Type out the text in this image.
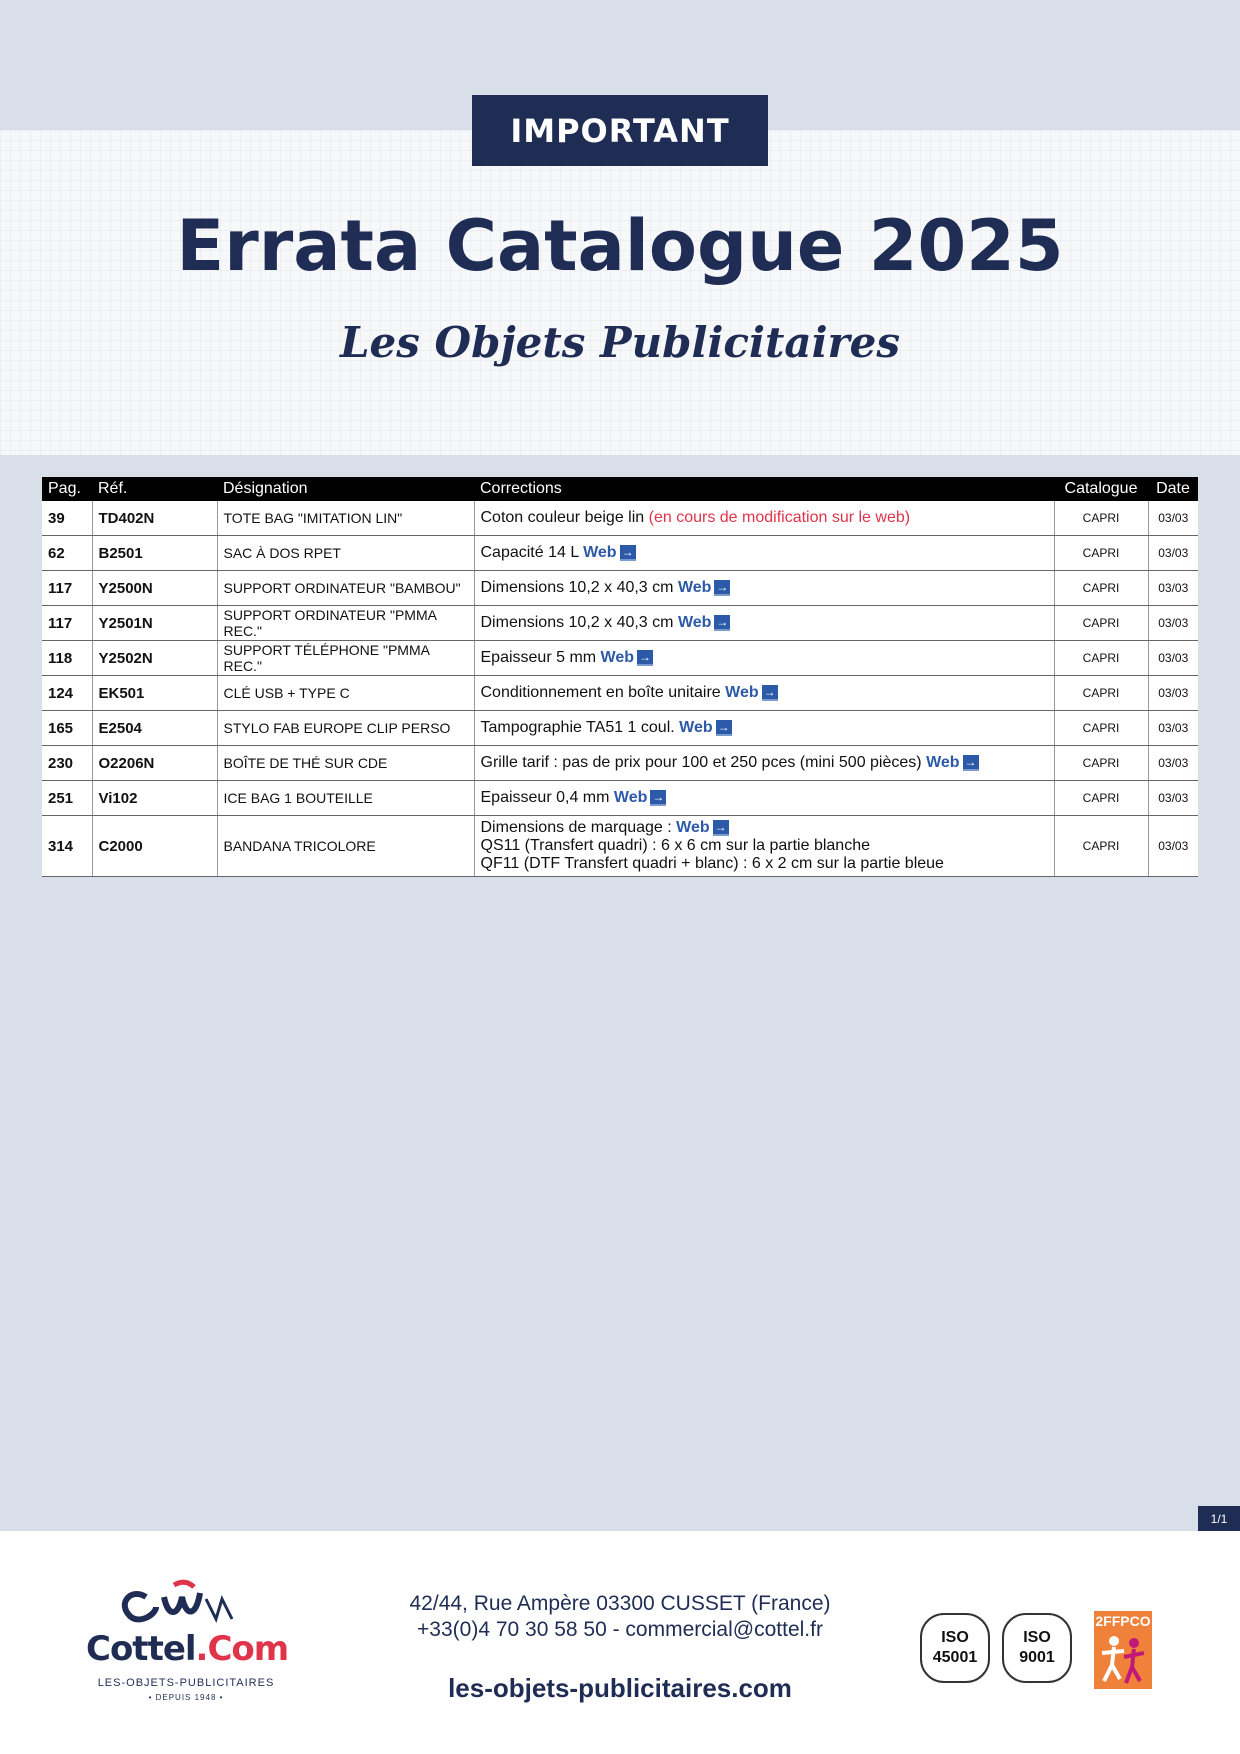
IMPORTANT
Errata Catalogue 2025
Les Objets Publicitaires
Pag.	Réf.	Désignation	Corrections	Catalogue	Date
39	TD402N	TOTE BAG "IMITATION LIN"	Coton couleur beige lin (en cours de modification sur le web)	CAPRI	03/03
62	B2501	SAC À DOS RPET	Capacité 14 L Web →	CAPRI	03/03
117	Y2500N	SUPPORT ORDINATEUR "BAMBOU"	Dimensions 10,2 x 40,3 cm Web →	CAPRI	03/03
117	Y2501N	SUPPORT ORDINATEUR "PMMA REC."	Dimensions 10,2 x 40,3 cm Web →	CAPRI	03/03
118	Y2502N	SUPPORT TÉLÉPHONE "PMMA REC."	Epaisseur 5 mm Web →	CAPRI	03/03
124	EK501	CLÉ USB + TYPE C	Conditionnement en boîte unitaire Web →	CAPRI	03/03
165	E2504	STYLO FAB EUROPE CLIP PERSO	Tampographie TA51 1 coul. Web →	CAPRI	03/03
230	O2206N	BOÎTE DE THÉ SUR CDE	Grille tarif : pas de prix pour 100 et 250 pces (mini 500 pièces) Web →	CAPRI	03/03
251	Vi102	ICE BAG 1 BOUTEILLE	Epaisseur 0,4 mm Web →	CAPRI	03/03
314	C2000	BANDANA TRICOLORE	Dimensions de marquage : Web →
QS11 (Transfert quadri) : 6 x 6 cm sur la partie blanche
QF11 (DTF Transfert quadri + blanc) : 6 x 2 cm sur la partie bleue	CAPRI	03/03
1/1
Cottel.Com
LES-OBJETS-PUBLICITAIRES
• DEPUIS 1948 •
42/44, Rue Ampère 03300 CUSSET (France)
+33(0)4 70 30 58 50 - commercial@cottel.fr
les-objets-publicitaires.com
ISO
45001
ISO
9001
2FFPCO
